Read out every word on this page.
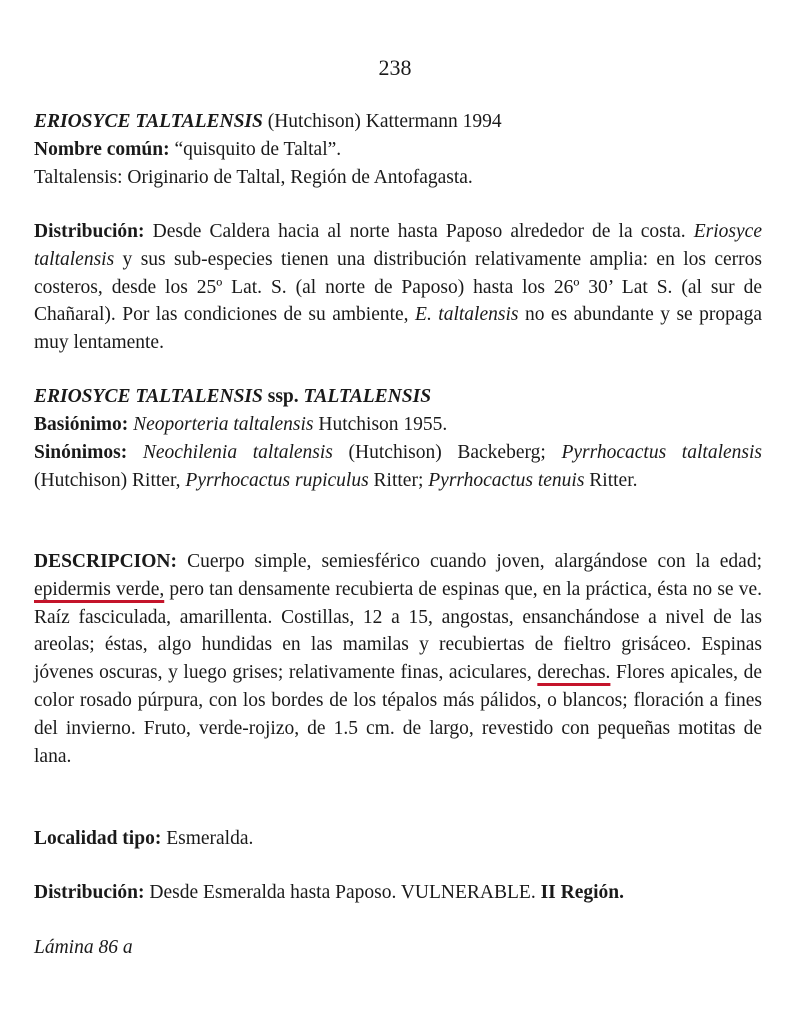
238

ERIOSYCE TALTALENSIS (Hutchison) Kattermann 1994

Nombre común: “quisquito de Taltal”.

Taltalensis: Originario de Taltal, Región de Antofagasta.

Distribución: Desde Caldera hacia al norte hasta Paposo alrededor de la costa. Eriosyce taltalensis y sus sub-especies tienen una distribución relativamente amplia: en los cerros costeros, desde los 25º Lat. S. (al norte de Paposo) hasta los 26º 30’ Lat S. (al sur de Chañaral). Por las condiciones de su ambiente, E. taltalensis no es abundante y se propaga muy lentamente.

ERIOSYCE TALTALENSIS ssp. TALTALENSIS

Basiónimo: Neoporteria taltalensis Hutchison 1955.

Sinónimos: Neochilenia taltalensis (Hutchison) Backeberg; Pyrrhocactus taltalensis (Hutchison) Ritter, Pyrrhocactus rupiculus Ritter; Pyrrhocactus tenuis Ritter.

DESCRIPCION: Cuerpo simple, semiesférico cuando joven, alargándose con la edad; epidermis verde, pero tan densamente recubierta de espinas que, en la práctica, ésta no se ve. Raíz fasciculada, amarillenta. Costillas, 12 a 15, angostas, ensanchándose a nivel de las areolas; éstas, algo hundidas en las mamilas y recubiertas de fieltro grisáceo. Espinas jóvenes oscuras, y luego grises; relativamente finas, aciculares, derechas. Flores apicales, de color rosado púrpura, con los bordes de los tépalos más pálidos, o blancos; floración a fines del invierno. Fruto, verde-rojizo, de 1.5 cm. de largo, revestido con pequeñas motitas de lana.

Localidad tipo: Esmeralda.

Distribución: Desde Esmeralda hasta Paposo. VULNERABLE. II Región.

Lámina 86 a
